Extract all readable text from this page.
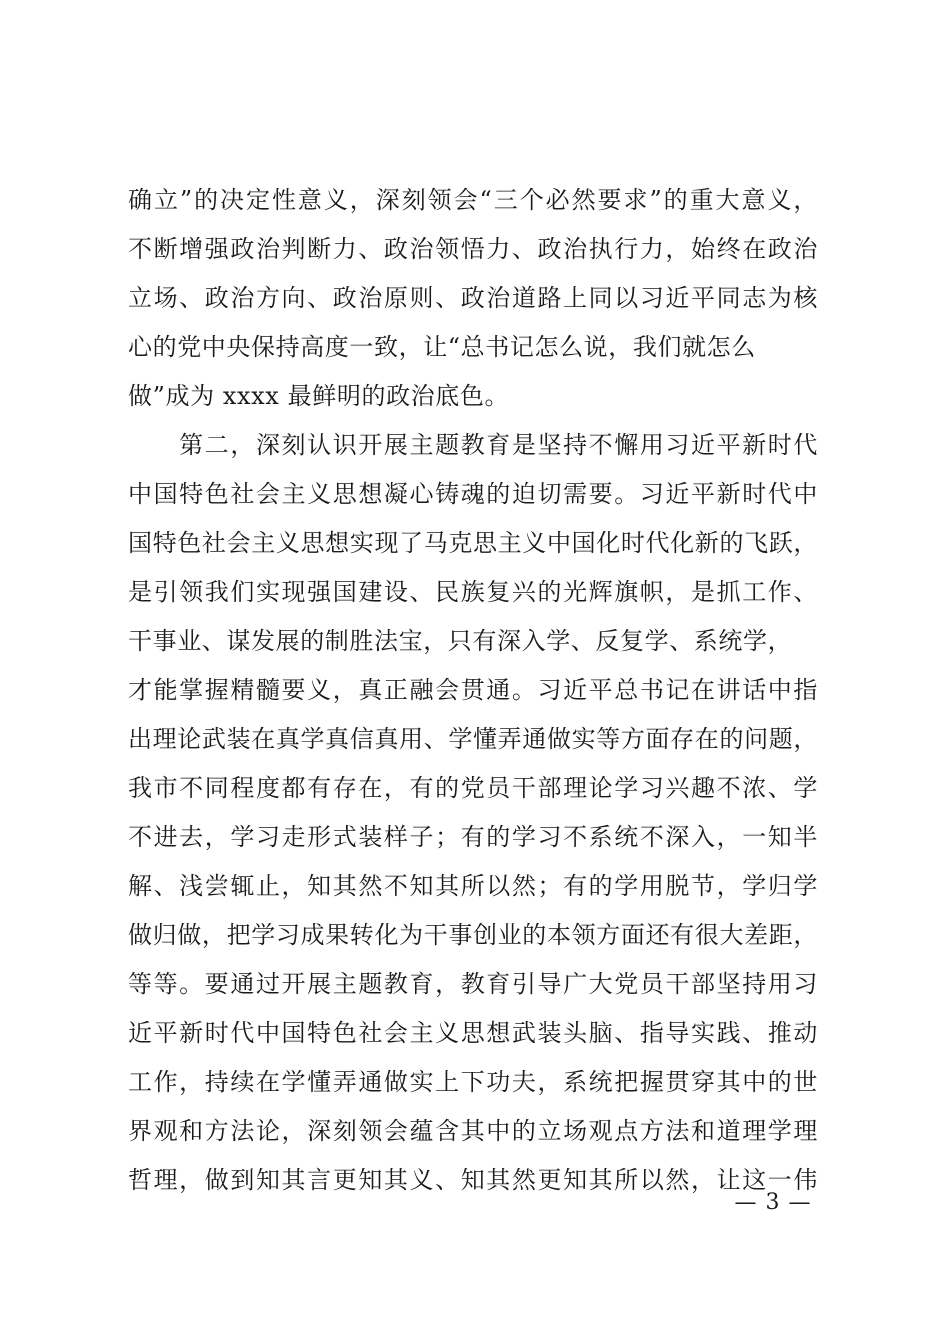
确立”的决定性意义，深刻领会“三个必然要求”的重大意义，
不断增强政治判断力、政治领悟力、政治执行力，始终在政治
立场、政治方向、政治原则、政治道路上同以习近平同志为核
心的党中央保持高度一致，让“总书记怎么说，我们就怎么
做”成为 xxxx 最鲜明的政治底色。
　　第二，深刻认识开展主题教育是坚持不懈用习近平新时代
中国特色社会主义思想凝心铸魂的迫切需要。习近平新时代中
国特色社会主义思想实现了马克思主义中国化时代化新的飞跃，
是引领我们实现强国建设、民族复兴的光辉旗帜，是抓工作、
干事业、谋发展的制胜法宝，只有深入学、反复学、系统学，
才能掌握精髓要义，真正融会贯通。习近平总书记在讲话中指
出理论武装在真学真信真用、学懂弄通做实等方面存在的问题，
我市不同程度都有存在，有的党员干部理论学习兴趣不浓、学
不进去，学习走形式装样子；有的学习不系统不深入，一知半
解、浅尝辄止，知其然不知其所以然；有的学用脱节，学归学
做归做，把学习成果转化为干事创业的本领方面还有很大差距，
等等。要通过开展主题教育，教育引导广大党员干部坚持用习
近平新时代中国特色社会主义思想武装头脑、指导实践、推动
工作，持续在学懂弄通做实上下功夫，系统把握贯穿其中的世
界观和方法论，深刻领会蕴含其中的立场观点方法和道理学理
哲理，做到知其言更知其义、知其然更知其所以然，让这一伟
— 3 —
